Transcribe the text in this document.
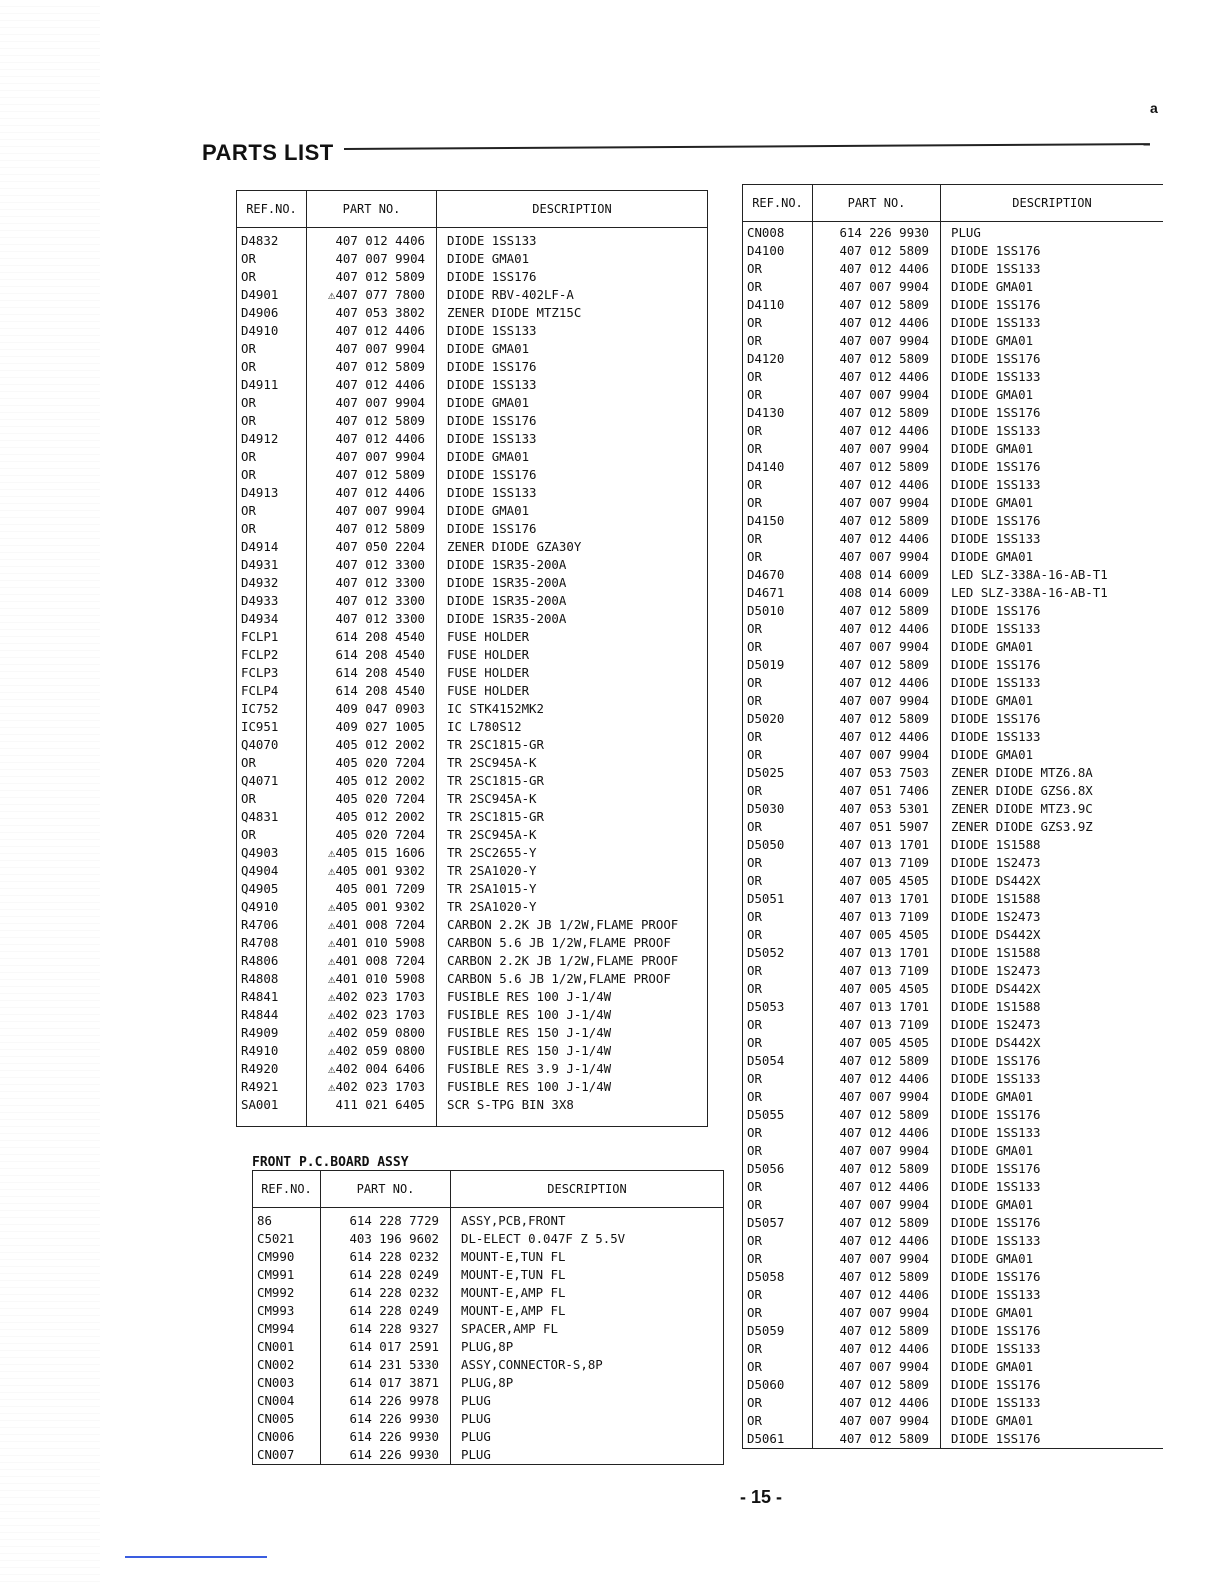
a
PARTS LIST
REF.NO.	PART NO.	DESCRIPTION
D4832	407 012 4406	DIODE 1SS133
OR	407 007 9904	DIODE GMA01
OR	407 012 5809	DIODE 1SS176
D4901	⚠407 077 7800	DIODE RBV-402LF-A
D4906	407 053 3802	ZENER DIODE MTZ15C
D4910	407 012 4406	DIODE 1SS133
OR	407 007 9904	DIODE GMA01
OR	407 012 5809	DIODE 1SS176
D4911	407 012 4406	DIODE 1SS133
OR	407 007 9904	DIODE GMA01
OR	407 012 5809	DIODE 1SS176
D4912	407 012 4406	DIODE 1SS133
OR	407 007 9904	DIODE GMA01
OR	407 012 5809	DIODE 1SS176
D4913	407 012 4406	DIODE 1SS133
OR	407 007 9904	DIODE GMA01
OR	407 012 5809	DIODE 1SS176
D4914	407 050 2204	ZENER DIODE GZA30Y
D4931	407 012 3300	DIODE 1SR35-200A
D4932	407 012 3300	DIODE 1SR35-200A
D4933	407 012 3300	DIODE 1SR35-200A
D4934	407 012 3300	DIODE 1SR35-200A
FCLP1	614 208 4540	FUSE HOLDER
FCLP2	614 208 4540	FUSE HOLDER
FCLP3	614 208 4540	FUSE HOLDER
FCLP4	614 208 4540	FUSE HOLDER
IC752	409 047 0903	IC STK4152MK2
IC951	409 027 1005	IC L780S12
Q4070	405 012 2002	TR 2SC1815-GR
OR	405 020 7204	TR 2SC945A-K
Q4071	405 012 2002	TR 2SC1815-GR
OR	405 020 7204	TR 2SC945A-K
Q4831	405 012 2002	TR 2SC1815-GR
OR	405 020 7204	TR 2SC945A-K
Q4903	⚠405 015 1606	TR 2SC2655-Y
Q4904	⚠405 001 9302	TR 2SA1020-Y
Q4905	405 001 7209	TR 2SA1015-Y
Q4910	⚠405 001 9302	TR 2SA1020-Y
R4706	⚠401 008 7204	CARBON 2.2K JB 1/2W,FLAME PROOF
R4708	⚠401 010 5908	CARBON 5.6 JB 1/2W,FLAME PROOF
R4806	⚠401 008 7204	CARBON 2.2K JB 1/2W,FLAME PROOF
R4808	⚠401 010 5908	CARBON 5.6 JB 1/2W,FLAME PROOF
R4841	⚠402 023 1703	FUSIBLE RES 100 J-1/4W
R4844	⚠402 023 1703	FUSIBLE RES 100 J-1/4W
R4909	⚠402 059 0800	FUSIBLE RES 150 J-1/4W
R4910	⚠402 059 0800	FUSIBLE RES 150 J-1/4W
R4920	⚠402 004 6406	FUSIBLE RES 3.9 J-1/4W
R4921	⚠402 023 1703	FUSIBLE RES 100 J-1/4W
SA001	411 021 6405	SCR S-TPG BIN 3X8
FRONT P.C.BOARD ASSY
REF.NO.	PART NO.	DESCRIPTION
86	614 228 7729	ASSY,PCB,FRONT
C5021	403 196 9602	DL-ELECT 0.047F Z 5.5V
CM990	614 228 0232	MOUNT-E,TUN FL
CM991	614 228 0249	MOUNT-E,TUN FL
CM992	614 228 0232	MOUNT-E,AMP FL
CM993	614 228 0249	MOUNT-E,AMP FL
CM994	614 228 9327	SPACER,AMP FL
CN001	614 017 2591	PLUG,8P
CN002	614 231 5330	ASSY,CONNECTOR-S,8P
CN003	614 017 3871	PLUG,8P
CN004	614 226 9978	PLUG
CN005	614 226 9930	PLUG
CN006	614 226 9930	PLUG
CN007	614 226 9930	PLUG
REF.NO.	PART NO.	DESCRIPTION
CN008	614 226 9930	PLUG
D4100	407 012 5809	DIODE 1SS176
OR	407 012 4406	DIODE 1SS133
OR	407 007 9904	DIODE GMA01
D4110	407 012 5809	DIODE 1SS176
OR	407 012 4406	DIODE 1SS133
OR	407 007 9904	DIODE GMA01
D4120	407 012 5809	DIODE 1SS176
OR	407 012 4406	DIODE 1SS133
OR	407 007 9904	DIODE GMA01
D4130	407 012 5809	DIODE 1SS176
OR	407 012 4406	DIODE 1SS133
OR	407 007 9904	DIODE GMA01
D4140	407 012 5809	DIODE 1SS176
OR	407 012 4406	DIODE 1SS133
OR	407 007 9904	DIODE GMA01
D4150	407 012 5809	DIODE 1SS176
OR	407 012 4406	DIODE 1SS133
OR	407 007 9904	DIODE GMA01
D4670	408 014 6009	LED SLZ-338A-16-AB-T1
D4671	408 014 6009	LED SLZ-338A-16-AB-T1
D5010	407 012 5809	DIODE 1SS176
OR	407 012 4406	DIODE 1SS133
OR	407 007 9904	DIODE GMA01
D5019	407 012 5809	DIODE 1SS176
OR	407 012 4406	DIODE 1SS133
OR	407 007 9904	DIODE GMA01
D5020	407 012 5809	DIODE 1SS176
OR	407 012 4406	DIODE 1SS133
OR	407 007 9904	DIODE GMA01
D5025	407 053 7503	ZENER DIODE MTZ6.8A
OR	407 051 7406	ZENER DIODE GZS6.8X
D5030	407 053 5301	ZENER DIODE MTZ3.9C
OR	407 051 5907	ZENER DIODE GZS3.9Z
D5050	407 013 1701	DIODE 1S1588
OR	407 013 7109	DIODE 1S2473
OR	407 005 4505	DIODE DS442X
D5051	407 013 1701	DIODE 1S1588
OR	407 013 7109	DIODE 1S2473
OR	407 005 4505	DIODE DS442X
D5052	407 013 1701	DIODE 1S1588
OR	407 013 7109	DIODE 1S2473
OR	407 005 4505	DIODE DS442X
D5053	407 013 1701	DIODE 1S1588
OR	407 013 7109	DIODE 1S2473
OR	407 005 4505	DIODE DS442X
D5054	407 012 5809	DIODE 1SS176
OR	407 012 4406	DIODE 1SS133
OR	407 007 9904	DIODE GMA01
D5055	407 012 5809	DIODE 1SS176
OR	407 012 4406	DIODE 1SS133
OR	407 007 9904	DIODE GMA01
D5056	407 012 5809	DIODE 1SS176
OR	407 012 4406	DIODE 1SS133
OR	407 007 9904	DIODE GMA01
D5057	407 012 5809	DIODE 1SS176
OR	407 012 4406	DIODE 1SS133
OR	407 007 9904	DIODE GMA01
D5058	407 012 5809	DIODE 1SS176
OR	407 012 4406	DIODE 1SS133
OR	407 007 9904	DIODE GMA01
D5059	407 012 5809	DIODE 1SS176
OR	407 012 4406	DIODE 1SS133
OR	407 007 9904	DIODE GMA01
D5060	407 012 5809	DIODE 1SS176
OR	407 012 4406	DIODE 1SS133
OR	407 007 9904	DIODE GMA01
D5061	407 012 5809	DIODE 1SS176
- 15 -
